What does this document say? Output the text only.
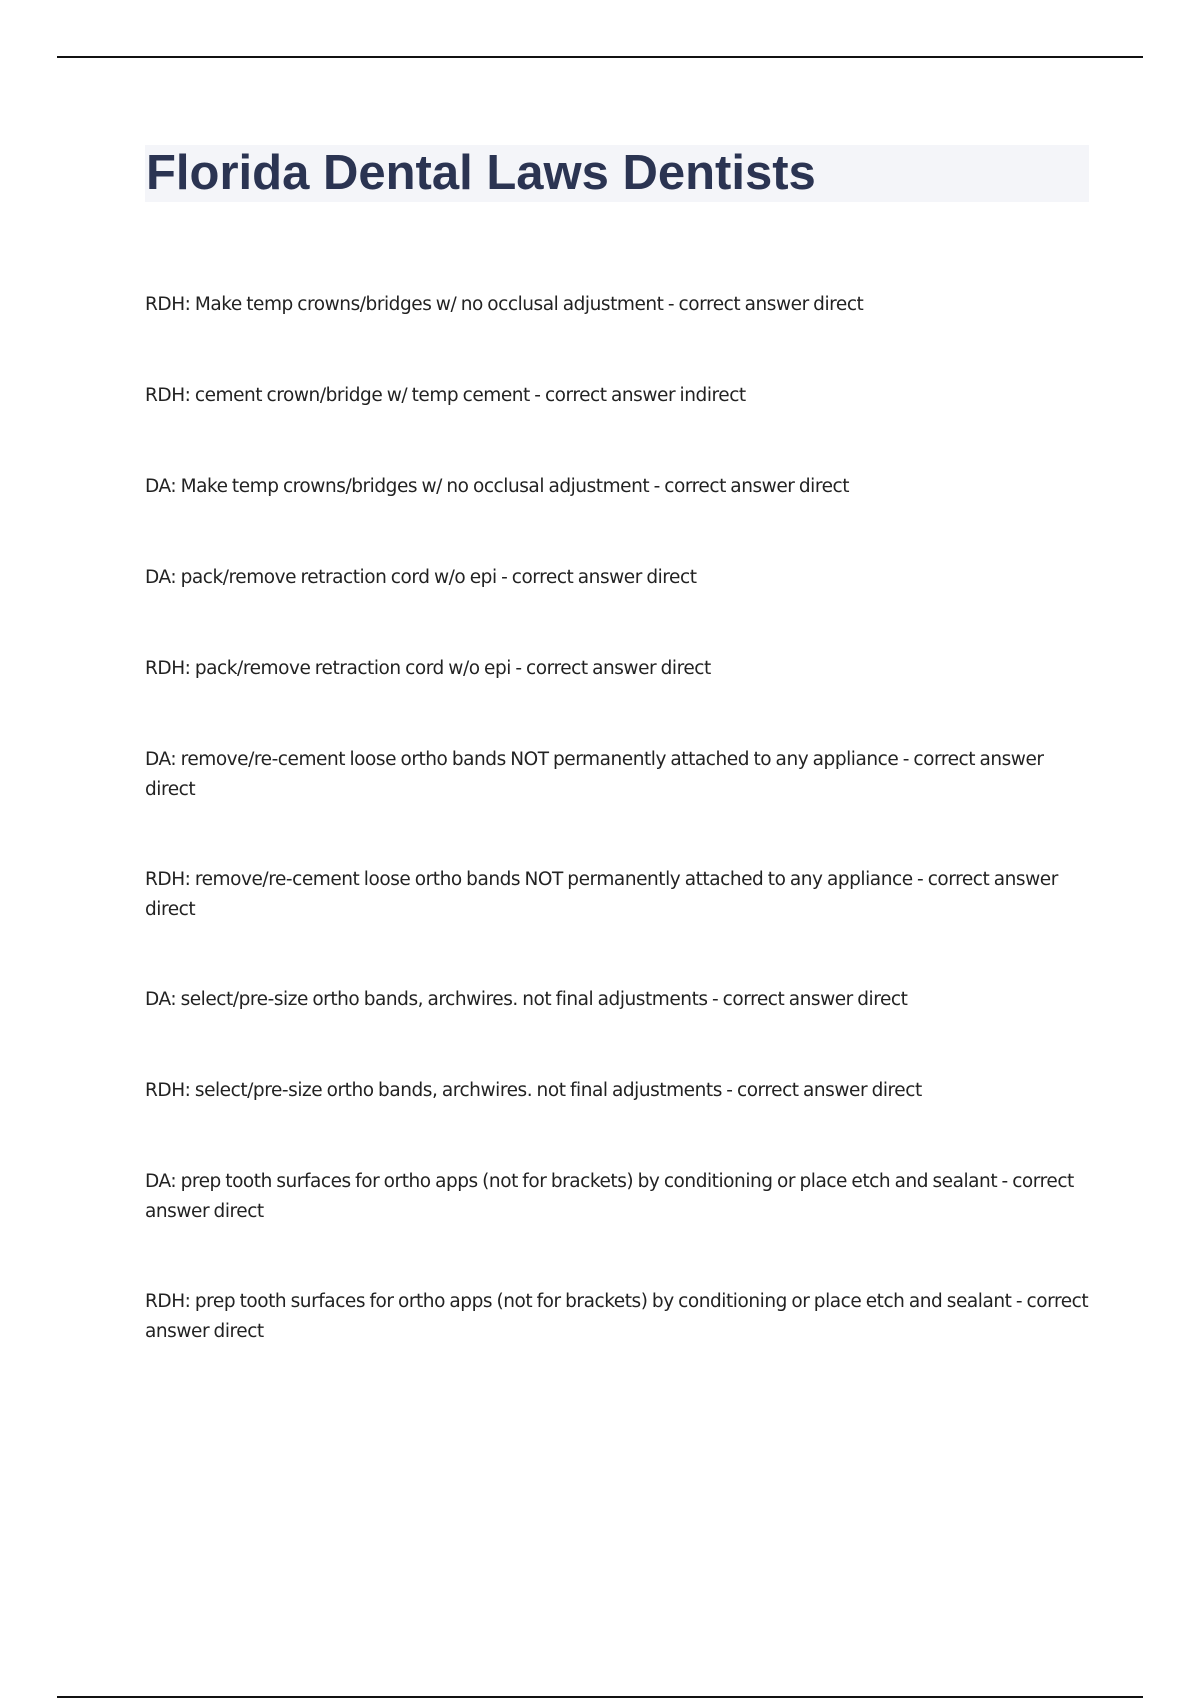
Florida Dental Laws Dentists
RDH: Make temp crowns/bridges w/ no occlusal adjustment - correct answer direct
RDH: cement crown/bridge w/ temp cement - correct answer indirect
DA: Make temp crowns/bridges w/ no occlusal adjustment - correct answer direct
DA: pack/remove retraction cord w/o epi - correct answer direct
RDH: pack/remove retraction cord w/o epi - correct answer direct
DA: remove/re-cement loose ortho bands NOT permanently attached to any appliance - correct answer direct
RDH: remove/re-cement loose ortho bands NOT permanently attached to any appliance - correct answer direct
DA: select/pre-size ortho bands, archwires. not final adjustments - correct answer direct
RDH: select/pre-size ortho bands, archwires. not final adjustments - correct answer direct
DA: prep tooth surfaces for ortho apps (not for brackets) by conditioning or place etch and sealant - correct answer direct
RDH: prep tooth surfaces for ortho apps (not for brackets) by conditioning or place etch and sealant - correct answer direct
